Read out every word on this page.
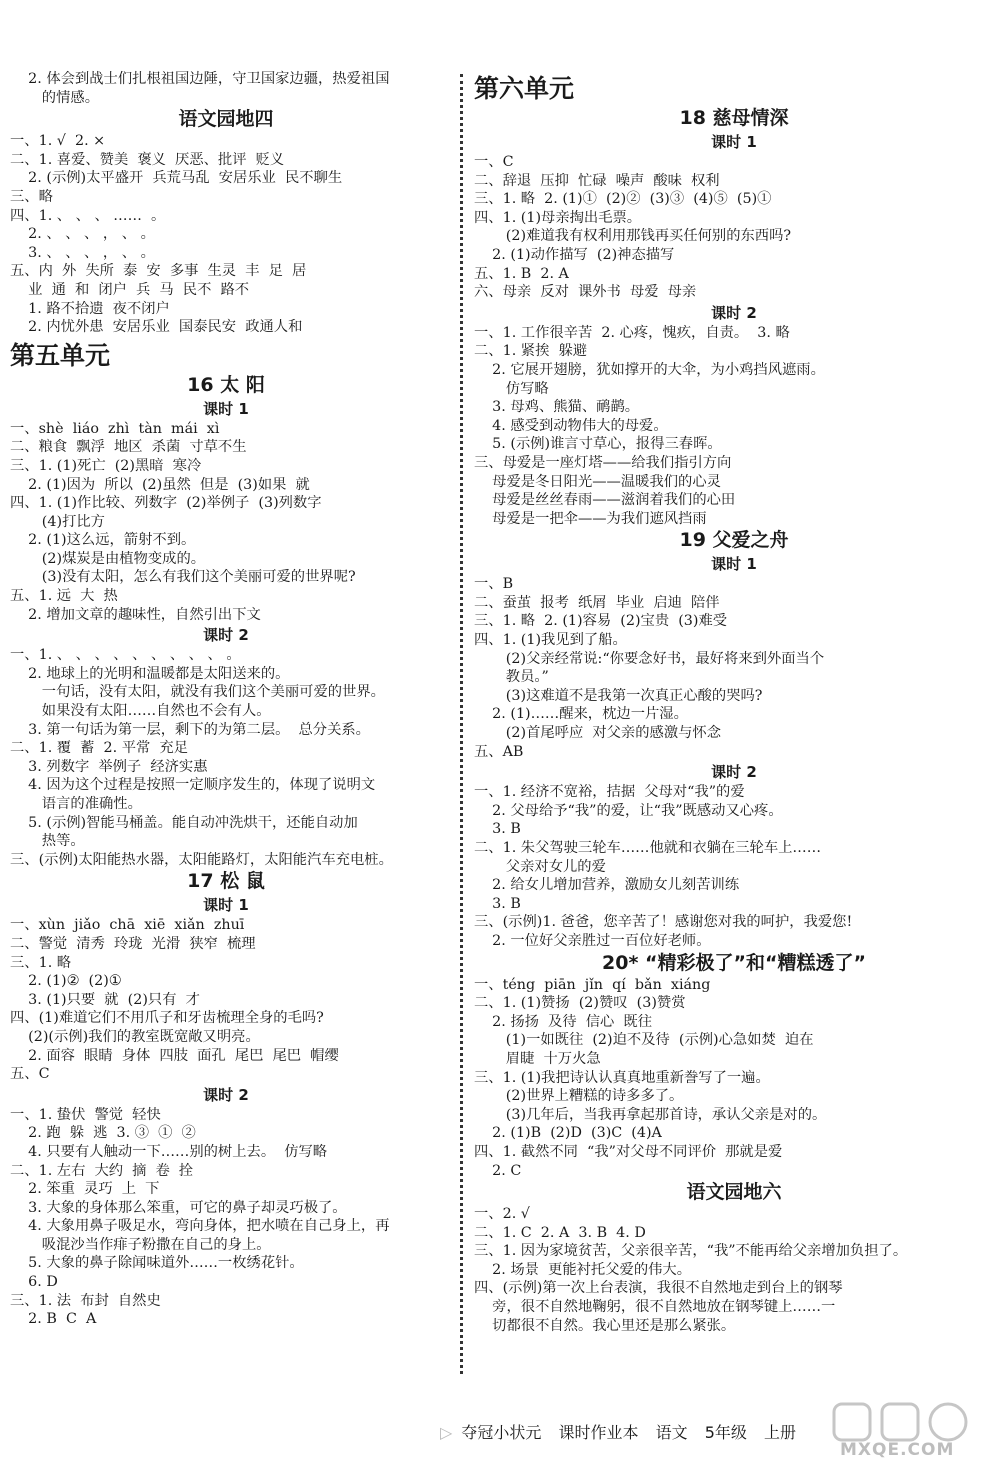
2. 体会到战士们扎根祖国边陲，守卫国家边疆，热爱祖国
的情感。
语文园地四
一、1. √  2. ×
二、1. 喜爱、赞美  褒义  厌恶、批评  贬义
2. (示例)太平盛开  兵荒马乱  安居乐业  民不聊生
三、略
四、1. 、 、 、 ……  。
2. 、 、 、 ， 、 。
3. 、 、 、 ， 、 。
五、内  外  失所  泰  安  多事  生灵  丰  足  居
业  通  和  闭户  兵  马  民不  路不
1. 路不拾遗  夜不闭户
2. 内忧外患  安居乐业  国泰民安  政通人和
第五单元
16 太 阳
课时 1
一、shè  liáo  zhì  tàn  mái  xì
二、粮食  飘浮  地区  杀菌  寸草不生
三、1. (1)死亡  (2)黑暗  寒冷
2. (1)因为  所以  (2)虽然  但是  (3)如果  就
四、1. (1)作比较、列数字  (2)举例子  (3)列数字
(4)打比方
2. (1)这么远，箭射不到。
(2)煤炭是由植物变成的。
(3)没有太阳，怎么有我们这个美丽可爱的世界呢?
五、1. 远  大  热
2. 增加文章的趣味性，自然引出下文
课时 2
一、1. 、 、 、 、 、 、 、 、 、 。
2. 地球上的光明和温暖都是太阳送来的。
一句话，没有太阳，就没有我们这个美丽可爱的世界。
如果没有太阳……自然也不会有人。
3. 第一句话为第一层，剩下的为第二层。  总分关系。
二、1. 覆  蓄  2. 平常  充足
3. 列数字  举例子  经济实惠
4. 因为这个过程是按照一定顺序发生的，体现了说明文
语言的准确性。
5. (示例)智能马桶盖。能自动冲洗烘干，还能自动加
热等。
三、(示例)太阳能热水器，太阳能路灯，太阳能汽车充电桩。
17 松 鼠
课时 1
一、xùn  jiǎo  chā  xiē  xiǎn  zhuī
二、警觉  清秀  玲珑  光滑  狭窄  梳理
三、1. 略
2. (1)②  (2)①
3. (1)只要  就  (2)只有  才
四、(1)难道它们不用爪子和牙齿梳理全身的毛吗?
(2)(示例)我们的教室既宽敞又明亮。
2. 面容  眼睛  身体  四肢  面孔  尾巴  尾巴  帽缨
五、C
课时 2
一、1. 蛰伏  警觉  轻快
2. 跑  躲  逃  3. ③  ①  ②
4. 只要有人触动一下……别的树上去。  仿写略
二、1. 左右  大约  摘  卷  拴
2. 笨重  灵巧  上  下
3. 大象的身体那么笨重，可它的鼻子却灵巧极了。
4. 大象用鼻子吸足水，弯向身体，把水喷在自己身上，再
吸混沙当作痱子粉撒在自己的身上。
5. 大象的鼻子除闻味道外……一枚绣花针。
6. D
三、1. 法  布封  自然史
2. B  C  A
第六单元
18 慈母情深
课时 1
一、C
二、辞退  压抑  忙碌  噪声  酸味  权利
三、1. 略  2. (1)①  (2)②  (3)③  (4)⑤  (5)①
四、1. (1)母亲掏出毛票。
(2)难道我有权利用那钱再买任何别的东西吗?
2. (1)动作描写  (2)神态描写
五、1. B  2. A
六、母亲  反对  课外书  母爱  母亲
课时 2
一、1. 工作很辛苦  2. 心疼，愧疚，自责。  3. 略
二、1. 紧挨  躲避
2. 它展开翅膀，犹如撑开的大伞，为小鸡挡风遮雨。
仿写略
3. 母鸡、熊猫、鸸鹋。
4. 感受到动物伟大的母爱。
5. (示例)谁言寸草心，报得三春晖。
三、母爱是一座灯塔——给我们指引方向
母爱是冬日阳光——温暖我们的心灵
母爱是丝丝春雨——滋润着我们的心田
母爱是一把伞——为我们遮风挡雨
19 父爱之舟
课时 1
一、B
二、蚕茧  报考  纸屑  毕业  启迪  陪伴
三、1. 略  2. (1)容易  (2)宝贵  (3)难受
四、1. (1)我见到了船。
(2)父亲经常说:“你要念好书，最好将来到外面当个
教员。”
(3)这难道不是我第一次真正心酸的哭吗?
2. (1)……醒来，枕边一片湿。
(2)首尾呼应  对父亲的感激与怀念
五、AB
课时 2
一、1. 经济不宽裕，拮据  父母对“我”的爱
2. 父母给予“我”的爱，让“我”既感动又心疼。
3. B
二、1. 朱父驾驶三轮车……他就和衣躺在三轮车上……
父亲对女儿的爱
2. 给女儿增加营养，激励女儿刻苦训练
3. B
三、(示例)1. 爸爸，您辛苦了！感谢您对我的呵护，我爱您!
2. 一位好父亲胜过一百位好老师。
20* “精彩极了”和“糟糕透了”
一、téng  piān  jǐn  qí  bǎn  xiáng
二、1. (1)赞扬  (2)赞叹  (3)赞赏
2. 扬扬  及待  信心  既往
(1)一如既往  (2)迫不及待  (示例)心急如焚  迫在
眉睫  十万火急
三、1. (1)我把诗认认真真地重新誊写了一遍。
(2)世界上糟糕的诗多多了。
(3)几年后，当我再拿起那首诗，承认父亲是对的。
2. (1)B  (2)D  (3)C  (4)A
四、1. 截然不同  “我”对父母不同评价  那就是爱
2. C
语文园地六
一、2. √
二、1. C  2. A  3. B  4. D
三、1. 因为家境贫苦，父亲很辛苦，“我”不能再给父亲增加负担了。
2. 场景  更能衬托父爱的伟大。
四、(示例)第一次上台表演，我很不自然地走到台上的钢琴
旁，很不自然地鞠躬，很不自然地放在钢琴键上……一
切都很不自然。我心里还是那么紧张。
▷ 夺冠小状元 课时作业本 语文 5年级 上册
MXQE.COM
